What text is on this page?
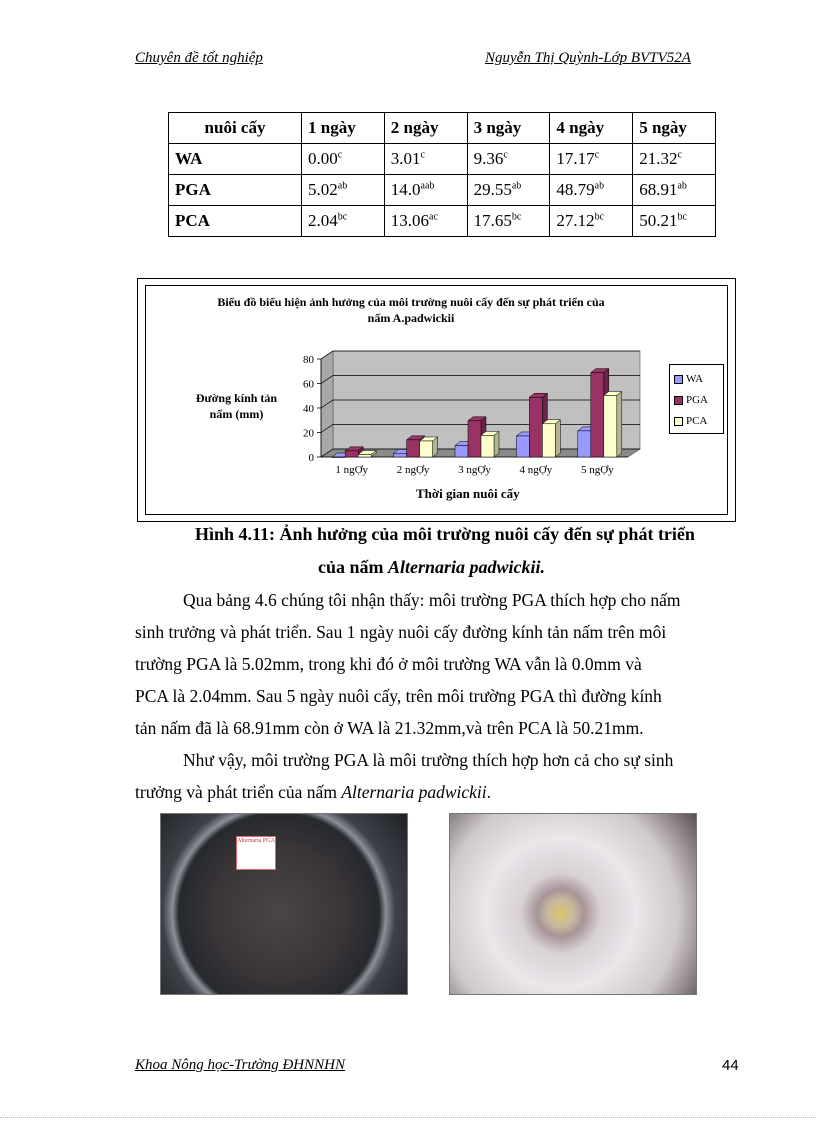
Chuyên đề tốt nghiệp	Nguyễn Thị Quỳnh-Lớp BVTV52A
nuôi cấy	1 ngày	2 ngày	3 ngày	4 ngày	5 ngày
WA	0.00$^c$	3.01$^c$	9.36$^c$	17.17$^c$	21.32$^c$
PGA	5.02$^{ab}$	14.0$^{aab}$	29.55$^{ab}$	48.79$^{ab}$	68.91$^{ab}$
PCA	2.04$^{bc}$	13.06$^{ac}$	17.65$^{bc}$	27.12$^{bc}$	50.21$^{bc}$
Biểu đồ biểu hiện ảnh hưởng của môi trường nuôi cấy đến sự phát triển của
nấm A.padwickii
Đường kính tản nấm (mm)
0
20
40
60
80
1 ngỢy	2 ngỢy	3 ngỢy	4 ngỢy	5 ngỢy
Thời gian nuôi cấy
WA
PGA
PCA
Hình 4.11: Ảnh hưởng của môi trường nuôi cấy đến sự phát triển
của nấm Alternaria padwickii.
Qua bảng 4.6 chúng tôi nhận thấy: môi trường PGA thích hợp cho nấm
sinh trưởng và phát triển. Sau 1 ngày nuôi cấy đường kính tản nấm trên môi
trường PGA là 5.02mm, trong khi đó ở môi trường WA vẫn là 0.0mm và
PCA là 2.04mm. Sau 5 ngày nuôi cấy, trên môi trường PGA thì đường kính
tản nấm đã là 68.91mm còn ở WA là 21.32mm,và trên PCA là 50.21mm.
Như vậy, môi trường PGA là môi trường thích hợp hơn cả cho sự sinh
trưởng và phát triển của nấm Alternaria padwickii.
Alternaria PGA
Khoa Nông học-Trường ĐHNNHN	44
